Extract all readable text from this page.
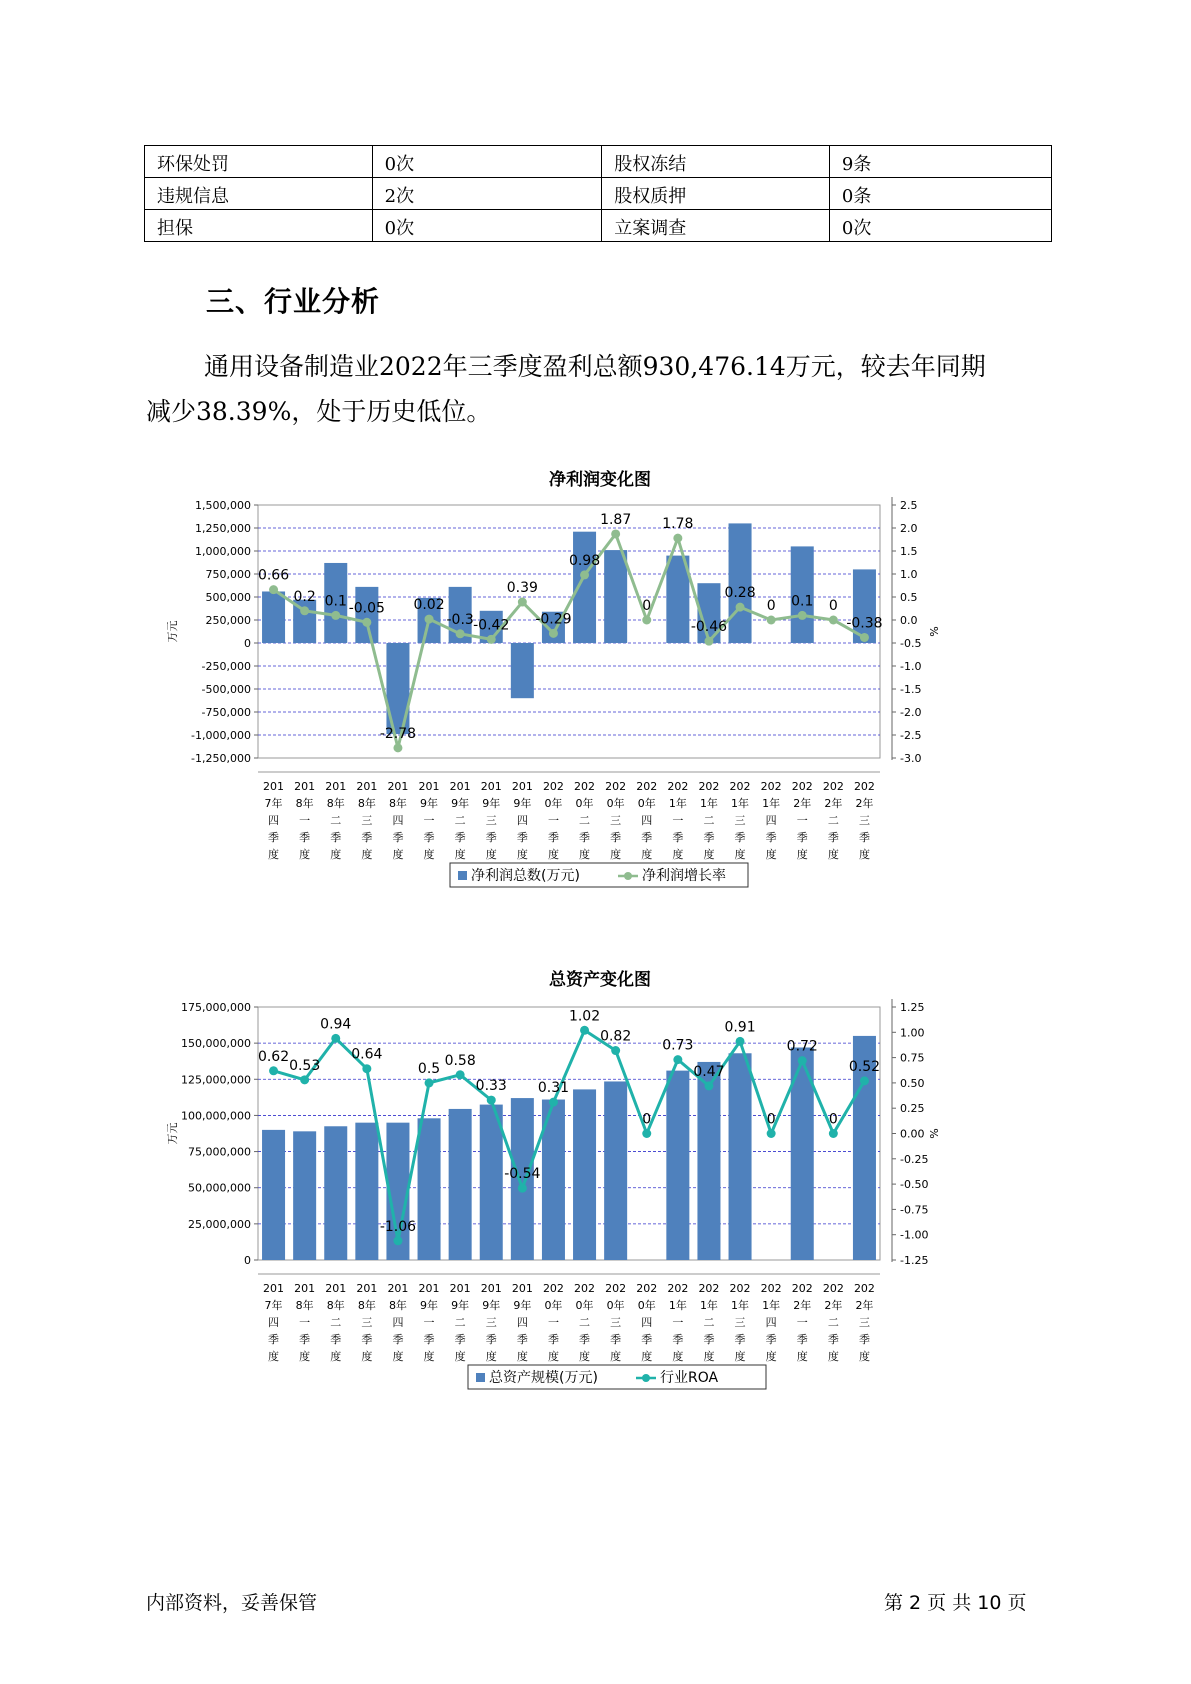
环保处罚	0次	股权冻结	9条
违规信息	2次	股权质押	0条
担保	0次	立案调查	0次
三、行业分析
通用设备制造业2022年三季度盈利总额930,476.14万元，较去年同期
减少38.39%，处于历史低位。
净利润变化图
1,500,000
1,250,000
1,000,000
750,000
500,000
250,000
0
-250,000
-500,000
-750,000
-1,000,000
-1,250,000
2.5
2.0
1.5
1.0
0.5
0.0
-0.5
-1.0
-1.5
-2.0
-2.5
-3.0
万元	%
0.66
0.2 0.1 -0.05
-2.78
0.02
-0.3 -0.42
0.39
-0.29
0.98
1.87
0
1.78
-0.46
0.28
0 0.1 0
-0.38
201 7年四季度
201 8年一季度
201 8年二季度
201 8年三季度
201 8年四季度
201 9年一季度
201 9年二季度
201 9年三季度
201 9年四季度
202 0年一季度
202 0年二季度
202 0年三季度
202 0年四季度
202 1年一季度
202 1年二季度
202 1年三季度
202 1年四季度
202 2年一季度
202 2年二季度
202 2年三季度
净利润总数(万元)	净利润增长率
总资产变化图
175,000,000
150,000,000
125,000,000
100,000,000
75,000,000
50,000,000
25,000,000
0
1.25
1.00
0.75
0.50
0.25
0.00
-0.25
-0.50
-0.75
-1.00
-1.25
万元	%
0.62
0.53
0.94
0.64
-1.06
0.5
0.58
0.33
-0.54
0.31
1.02
0.82
0
0.73
0.47
0.91
0
0.72
0
0.52
201 7年四季度
201 8年一季度
201 8年二季度
201 8年三季度
201 8年四季度
201 9年一季度
201 9年二季度
201 9年三季度
201 9年四季度
202 0年一季度
202 0年二季度
202 0年三季度
202 0年四季度
202 1年一季度
202 1年二季度
202 1年三季度
202 1年四季度
202 2年一季度
202 2年二季度
202 2年三季度
总资产规模(万元)	行业ROA
内部资料，妥善保管	第 2 页 共 10 页
